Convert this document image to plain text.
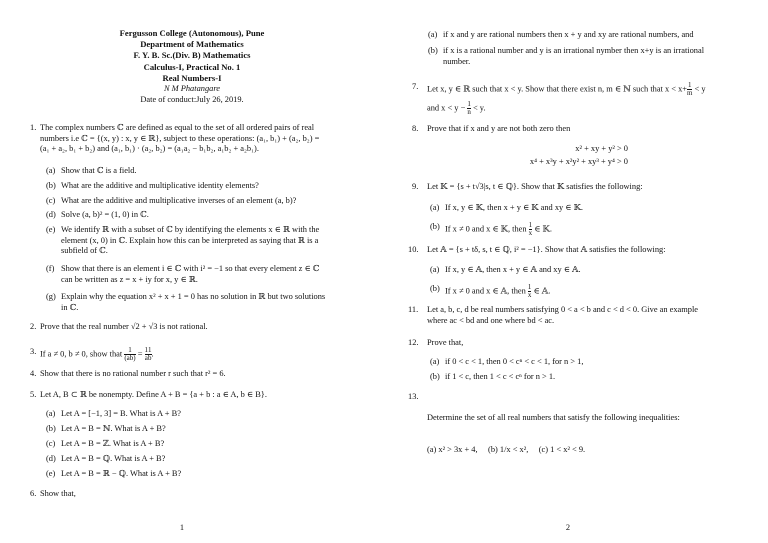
Fergusson College (Autonomous), Pune
Department of Mathematics
F. Y. B. Sc.(Div. B) Mathematics
Calculus-I, Practical No. 1
Real Numbers-I
N M Phatangare
Date of conduct:July 26, 2019.
1. The complex numbers ℂ are defined as equal to the set of all ordered pairs of real
numbers i.e ℂ = {(x, y) : x, y ∈ ℝ}, subject to these operations: (a₁, b₁) + (a₂, b₂) =
(a₁ + a₂, b₁ + b₂) and (a₁, b₁) · (a₂, b₂) = (a₁a₂ − b₁b₂, a₁b₂ + a₂b₁).
(a) Show that ℂ is a field.
(b) What are the additive and multiplicative identity elements?
(c) What are the additive and multiplicative inverses of an element (a, b)?
(d) Solve (a, b)² = (1, 0) in ℂ.
(e) We identify ℝ with a subset of ℂ by identifying the elements x ∈ ℝ with the
element (x, 0) in ℂ. Explain how this can be interpreted as saying that ℝ is a
subfield of ℂ.
(f) Show that there is an element i ∈ ℂ with i² = −1 so that every element z ∈ ℂ
can be written as z = x + iy for x, y ∈ ℝ.
(g) Explain why the equation x² + x + 1 = 0 has no solution in ℝ but two solutions
in ℂ.
2. Prove that the real number √2 + √3 is not rational.
3. If a ≠ 0, b ≠ 0, show that $\frac{1}{(ab)} = \frac{1}{a} \frac{1}{b}$ .
4. Show that there is no rational number r such that r² = 6.
5. Let A, B ⊂ ℝ be nonempty. Define A + B = {a + b : a ∈ A, b ∈ B}.
(a) Let A = [−1, 3] = B. What is A + B?
(b) Let A = B = ℕ. What is A + B?
(c) Let A = B = ℤ. What is A + B?
(d) Let A = B = ℚ. What is A + B?
(e) Let A = B = ℝ − ℚ. What is A + B?
6. Show that,
1
(a) if x and y are rational numbers then x + y and xy are rational numbers, and
(b) if x is a rational number and y is an irrational nymber then x+y is an irrational
number.
7. Let x, y ∈ ℝ such that x < y. Show that there exist n, m ∈ ℕ such that $x < x+ \frac{1}{m} < y$
and $x < y - \frac{1}{n} < y$.
8. Prove that if x and y are not both zero then
x² + xy + y² > 0
x⁴ + x³y + x²y² + xy³ + y⁴ > 0
9. Let 𝕂 = {s + t√3|s, t ∈ ℚ}. Show that 𝕂 satisfies the following:
(a) If x, y ∈ 𝕂, then x + y ∈ 𝕂 and xy ∈ 𝕂.
(b) If x ≠ 0 and x ∈ 𝕂, then $\frac{1}{x}$ ∈ 𝕂.
10. Let 𝔸 = {s + tδ, s, t ∈ ℚ, i² = −1}. Show that 𝔸 satisfies the following:
(a) If x, y ∈ 𝔸, then x + y ∈ 𝔸 and xy ∈ 𝔸.
(b) If x ≠ 0 and x ∈ 𝔸, then $\frac{1}{x}$ ∈ 𝔸.
11. Let a, b, c, d be real numbers satisfying 0 < a < b and c < d < 0. Give an example
where ac < bd and one where bd < ac.
12. Prove that,
(a) if 0 < c < 1, then 0 < cⁿ < c < 1, for n > 1,
(b) if 1 < c, then 1 < c < cⁿ for n > 1.
13.

Determine the set of all real numbers that satisfy the following inequalities:

(a) x² > 3x + 4,     (b) 1/x < x²,     (c) 1 < x² < 9.

2
